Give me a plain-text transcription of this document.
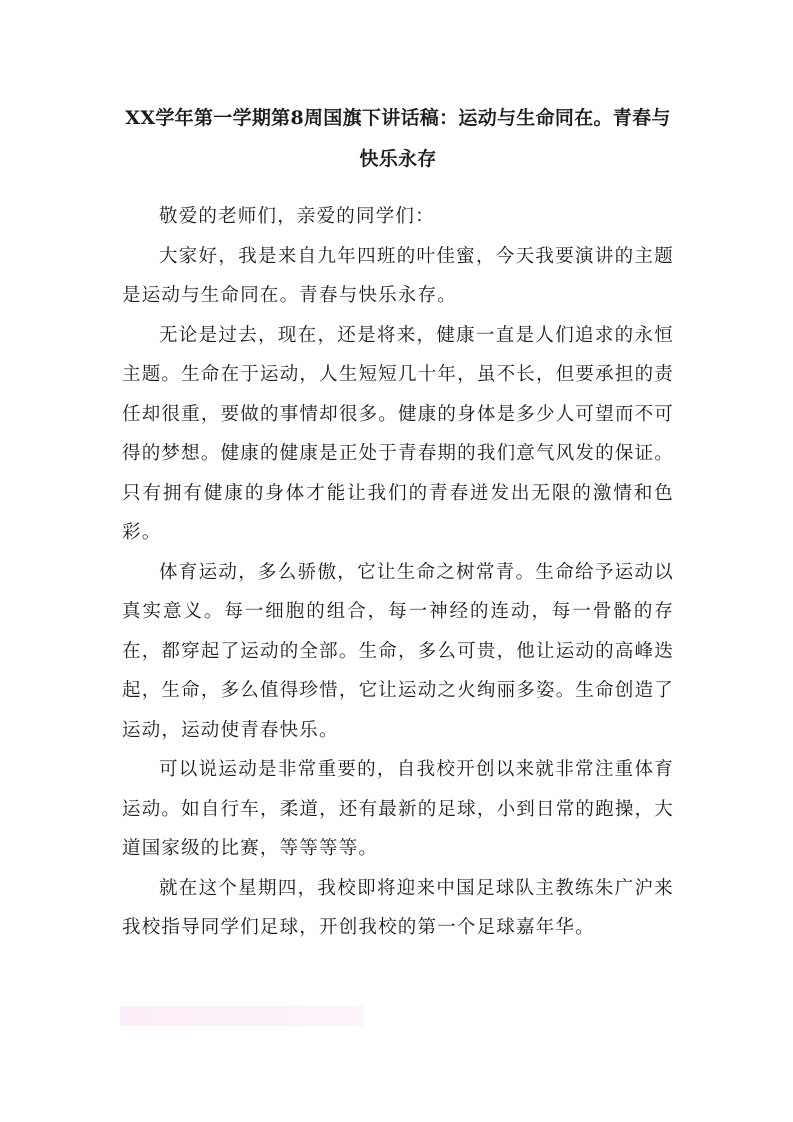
XX学年第一学期第8周国旗下讲话稿：运动与生命同在。青春与快乐永存

敬爱的老师们，亲爱的同学们：

大家好，我是来自九年四班的叶佳蜜，今天我要演讲的主题是运动与生命同在。青春与快乐永存。

无论是过去，现在，还是将来，健康一直是人们追求的永恒主题。生命在于运动，人生短短几十年，虽不长，但要承担的责任却很重，要做的事情却很多。健康的身体是多少人可望而不可得的梦想。健康的健康是正处于青春期的我们意气风发的保证。只有拥有健康的身体才能让我们的青春迸发出无限的激情和色彩。

体育运动，多么骄傲，它让生命之树常青。生命给予运动以真实意义。每一细胞的组合，每一神经的连动，每一骨骼的存在，都穿起了运动的全部。生命，多么可贵，他让运动的高峰迭起，生命，多么值得珍惜，它让运动之火绚丽多姿。生命创造了运动，运动使青春快乐。

可以说运动是非常重要的，自我校开创以来就非常注重体育运动。如自行车，柔道，还有最新的足球，小到日常的跑操，大道国家级的比赛，等等等等。

就在这个星期四，我校即将迎来中国足球队主教练朱广沪来我校指导同学们足球，开创我校的第一个足球嘉年华。
